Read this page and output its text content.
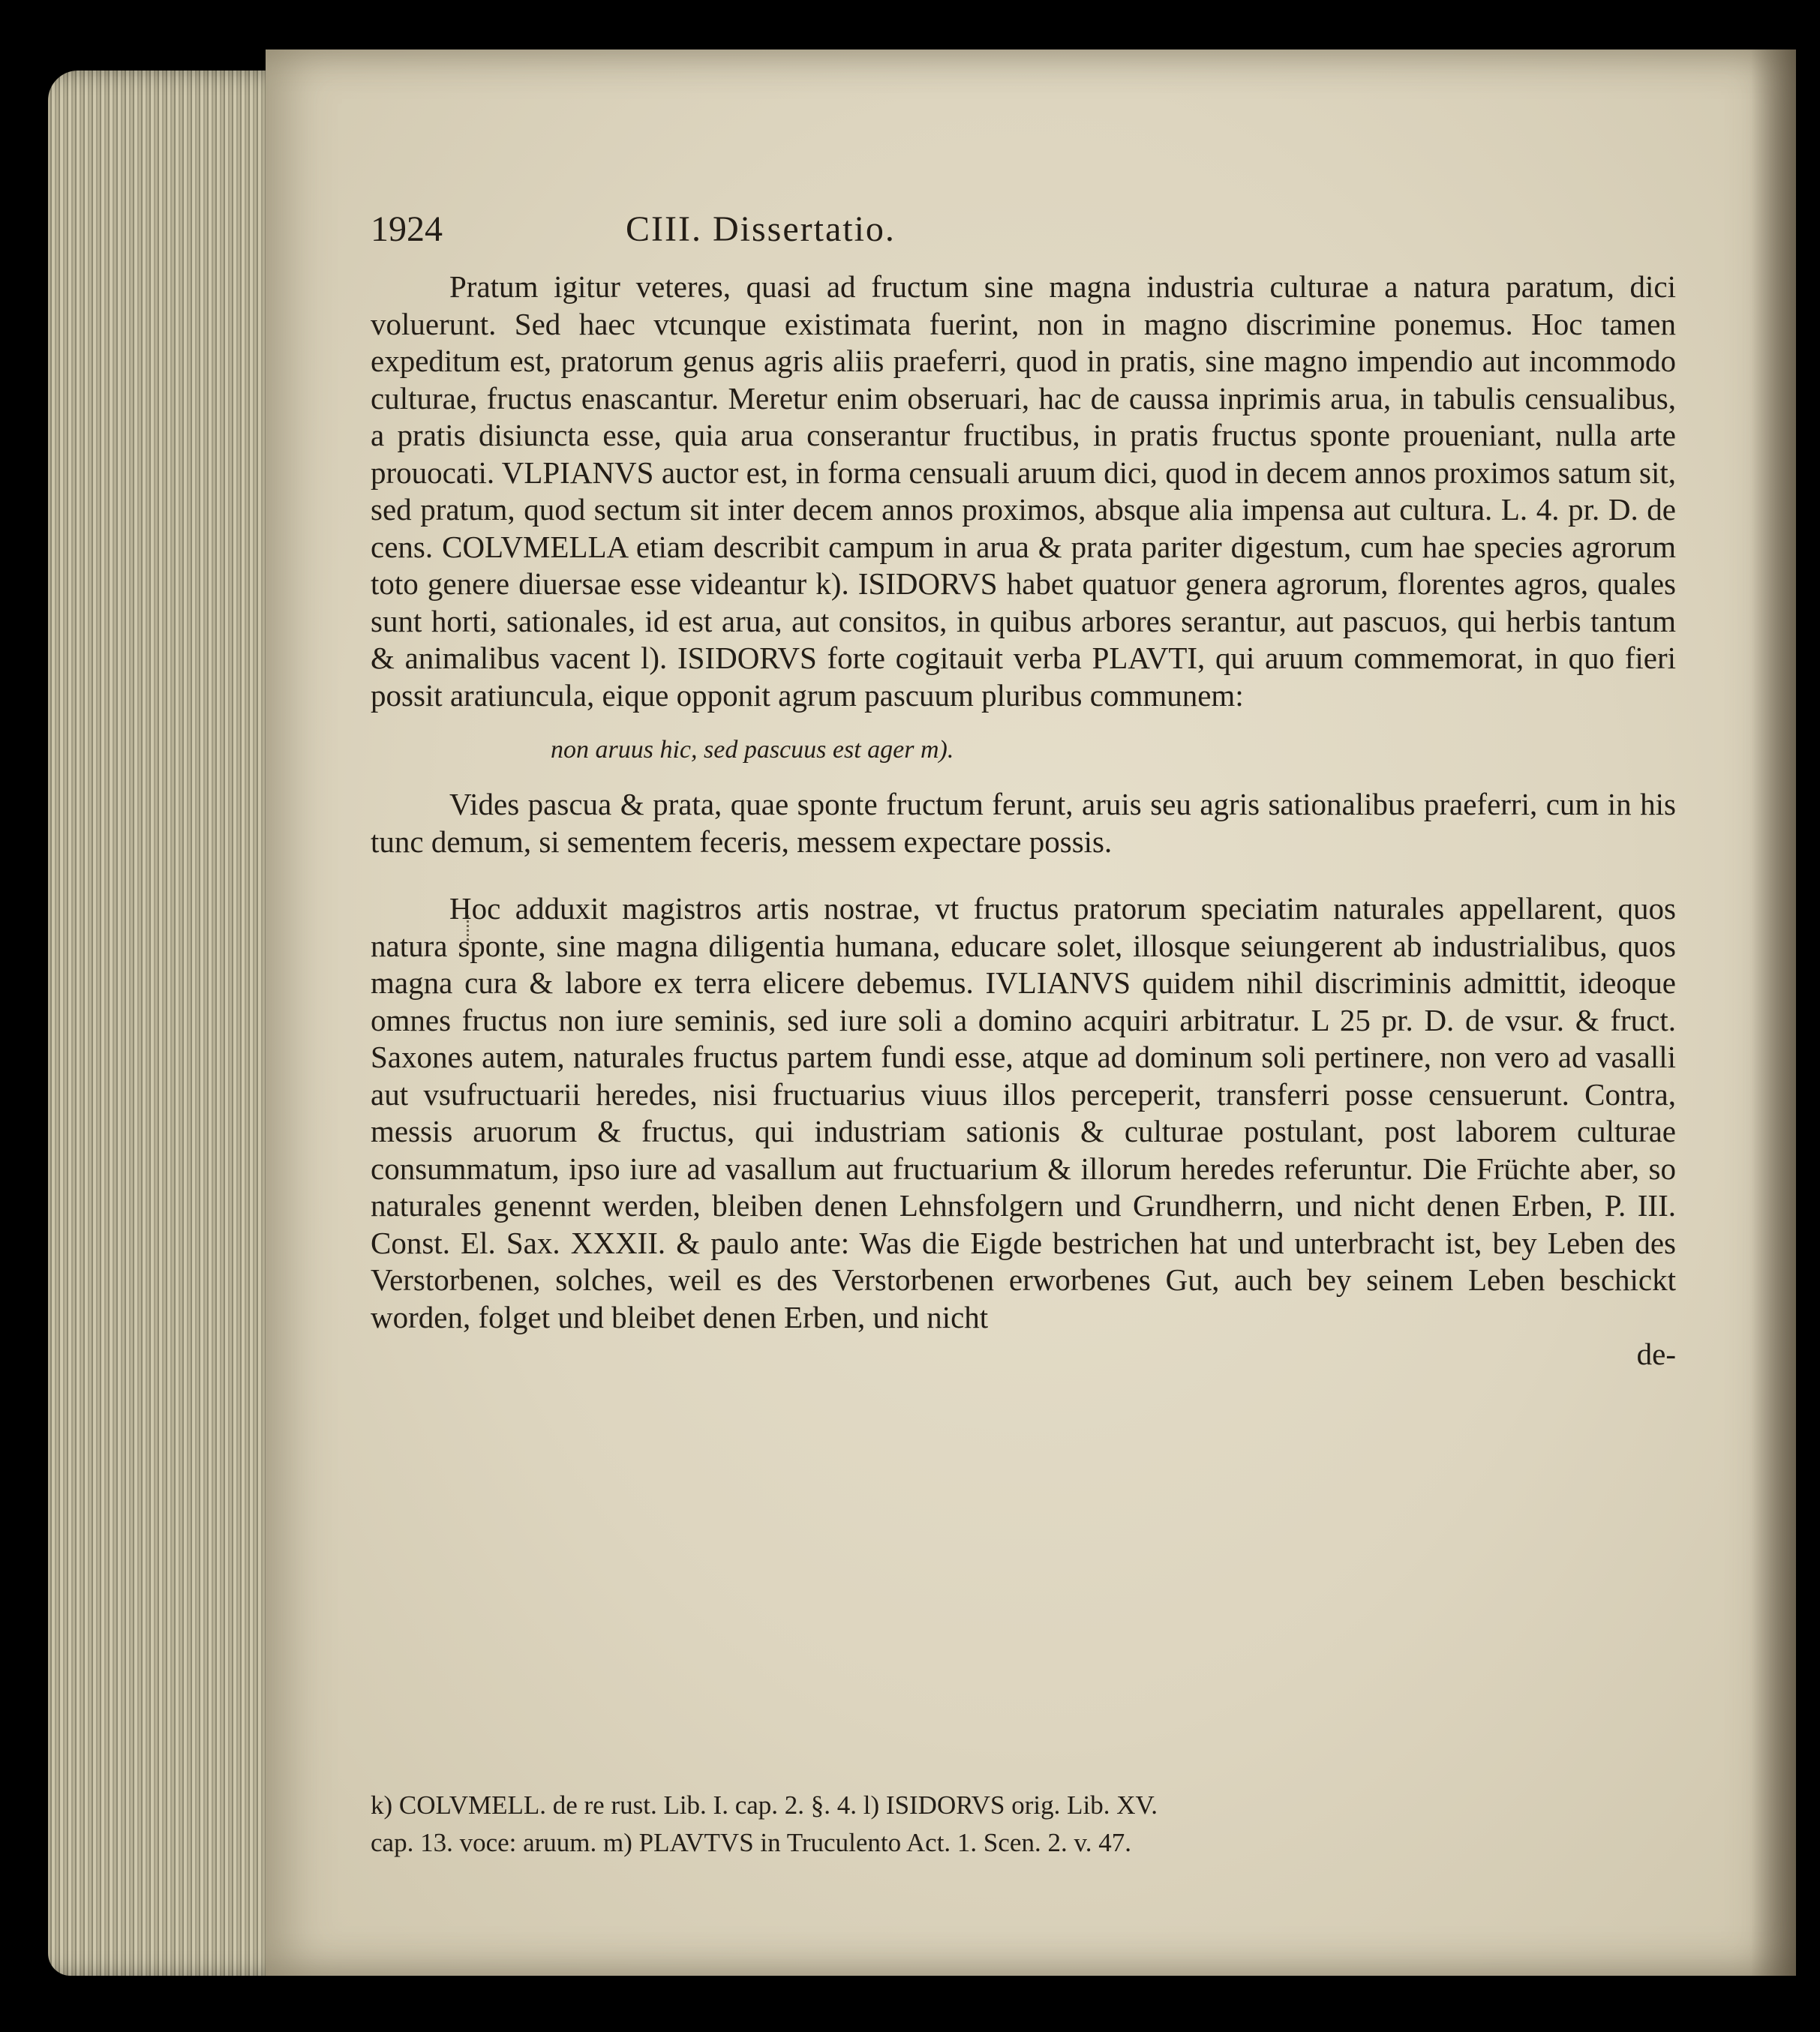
1924	CIII. Dissertatio.

Pratum igitur veteres, quasi ad fructum sine magna industria culturae a natura paratum, dici voluerunt. Sed haec vtcunque existimata fuerint, non in magno discrimine ponemus. Hoc tamen expeditum est, pratorum genus agris aliis praeferri, quod in pratis, sine magno impendio aut incommodo culturae, fructus enascantur. Meretur enim obseruari, hac de caussa inprimis arua, in tabulis censualibus, a pratis disiuncta esse, quia arua conserantur fructibus, in pratis fructus sponte proueniant, nulla arte prouocati. VLPIANVS auctor est, in forma censuali aruum dici, quod in decem annos proximos satum sit, sed pratum, quod sectum sit inter decem annos proximos, absque alia impensa aut cultura. L. 4. pr. D. de cens. COLVMELLA etiam describit campum in arua & prata pariter digestum, cum hae species agrorum toto genere diuersae esse videantur k). ISIDORVS habet quatuor genera agrorum, florentes agros, quales sunt horti, sationales, id est arua, aut consitos, in quibus arbores serantur, aut pascuos, qui herbis tantum & animalibus vacent l). ISIDORVS forte cogitauit verba PLAVTI, qui aruum commemorat, in quo fieri possit aratiuncula, eique opponit agrum pascuum pluribus communem:

non aruus hic, sed pascuus est ager m).

Vides pascua & prata, quae sponte fructum ferunt, aruis seu agris sationalibus praeferri, cum in his tunc demum, si sementem feceris, messem expectare possis.

Hoc adduxit magistros artis nostrae, vt fructus pratorum speciatim naturales appellarent, quos natura sponte, sine magna diligentia humana, educare solet, illosque seiungerent ab industrialibus, quos magna cura & labore ex terra elicere debemus. IVLIANVS quidem nihil discriminis admittit, ideoque omnes fructus non iure seminis, sed iure soli a domino acquiri arbitratur. L 25 pr. D. de vsur. & fruct. Saxones autem, naturales fructus partem fundi esse, atque ad dominum soli pertinere, non vero ad vasalli aut vsufructuarii heredes, nisi fructuarius viuus illos perceperit, transferri posse censuerunt. Contra, messis aruorum & fructus, qui industriam sationis & culturae postulant, post laborem culturae consummatum, ipso iure ad vasallum aut fructuarium & illorum heredes referuntur. Die Früchte aber, so naturales genennt werden, bleiben denen Lehnsfolgern und Grundherrn, und nicht denen Erben, P. III. Const. El. Sax. XXXII. & paulo ante: Was die Eigde bestrichen hat und unterbracht ist, bey Leben des Verstorbenen, solches, weil es des Verstorbenen erworbenes Gut, auch bey seinem Leben beschickt worden, folget und bleibet denen Erben, und nicht

de-

k) COLVMELL. de re rust. Lib. I. cap. 2. §. 4. l) ISIDORVS orig. Lib. XV.

cap. 13. voce: aruum. m) PLAVTVS in Truculento Act. 1. Scen. 2. v. 47.
